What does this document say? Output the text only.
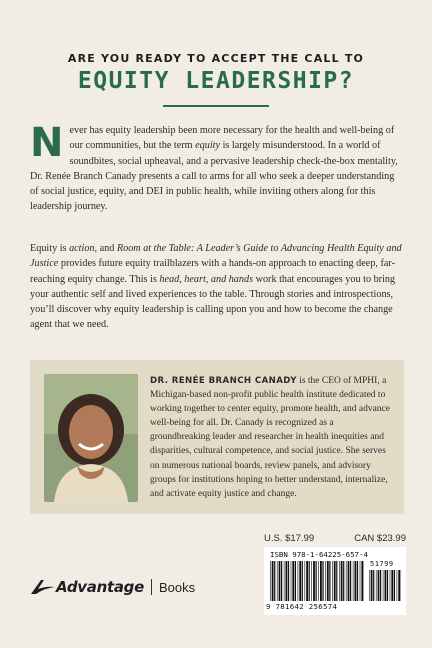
ARE YOU READY TO ACCEPT THE CALL TO
EQUITY LEADERSHIP?
Never has equity leadership been more necessary for the health and well-being of our communities, but the term equity is largely misunderstood. In a world of soundbites, social upheaval, and a pervasive leadership check-the-box mentality, Dr. Renée Branch Canady presents a call to arms for all who seek a deeper understanding of social justice, equity, and DEI in public health, while inviting others along for this leadership journey.
Equity is action, and Room at the Table: A Leader’s Guide to Advancing Health Equity and Justice provides future equity trailblazers with a hands-on approach to enacting deep, far-reaching equity change. This is head, heart, and hands work that encourages you to bring your authentic self and lived experiences to the table. Through stories and introspections, you’ll discover why equity leadership is calling upon you and how to become the change agent that we need.
DR. RENÉE BRANCH CANADY is the CEO of MPHI, a Michigan-based non-profit public health institute dedicated to working together to center equity, promote health, and advance well-being for all. Dr. Canady is recognized as a groundbreaking leader and researcher in health inequities and disparities, cultural competence, and social justice. She serves on numerous national boards, review panels, and advisory groups for institutions hoping to better understand, internalize, and activate equity justice and change.
U.S. $17.99	CAN $23.99
ISBN 978-1-64225-657-4
51799
9 781642 256574
Advantage Books
